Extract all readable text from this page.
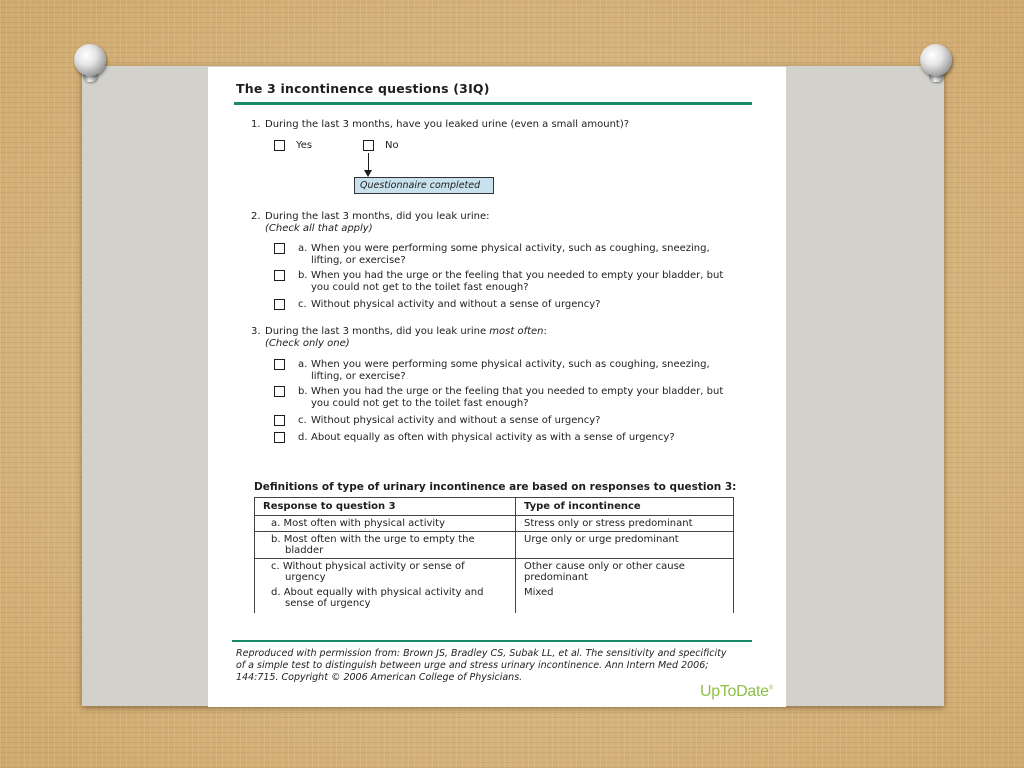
The 3 incontinence questions (3IQ)
1. During the last 3 months, have you leaked urine (even a small amount)?
Yes	No
Questionnaire completed
2. During the last 3 months, did you leak urine:
(Check all that apply)
a. When you were performing some physical activity, such as coughing, sneezing, lifting, or exercise?
b. When you had the urge or the feeling that you needed to empty your bladder, but you could not get to the toilet fast enough?
c. Without physical activity and without a sense of urgency?
3. During the last 3 months, did you leak urine most often:
(Check only one)
a. When you were performing some physical activity, such as coughing, sneezing, lifting, or exercise?
b. When you had the urge or the feeling that you needed to empty your bladder, but you could not get to the toilet fast enough?
c. Without physical activity and without a sense of urgency?
d. About equally as often with physical activity as with a sense of urgency?
Definitions of type of urinary incontinence are based on responses to question 3:
Response to question 3	Type of incontinence

a. Most often with physical activity	Stress only or stress predominant

b. Most often with the urge to empty the bladder	Urge only or urge predominant

c. Without physical activity or sense of urgency	Other cause only or other cause predominant

d. About equally with physical activity and sense of urgency	Mixed
Reproduced with permission from: Brown JS, Bradley CS, Subak LL, et al. The sensitivity and specificity of a simple test to distinguish between urge and stress urinary incontinence. Ann Intern Med 2006; 144:715. Copyright © 2006 American College of Physicians.
UpToDate®
